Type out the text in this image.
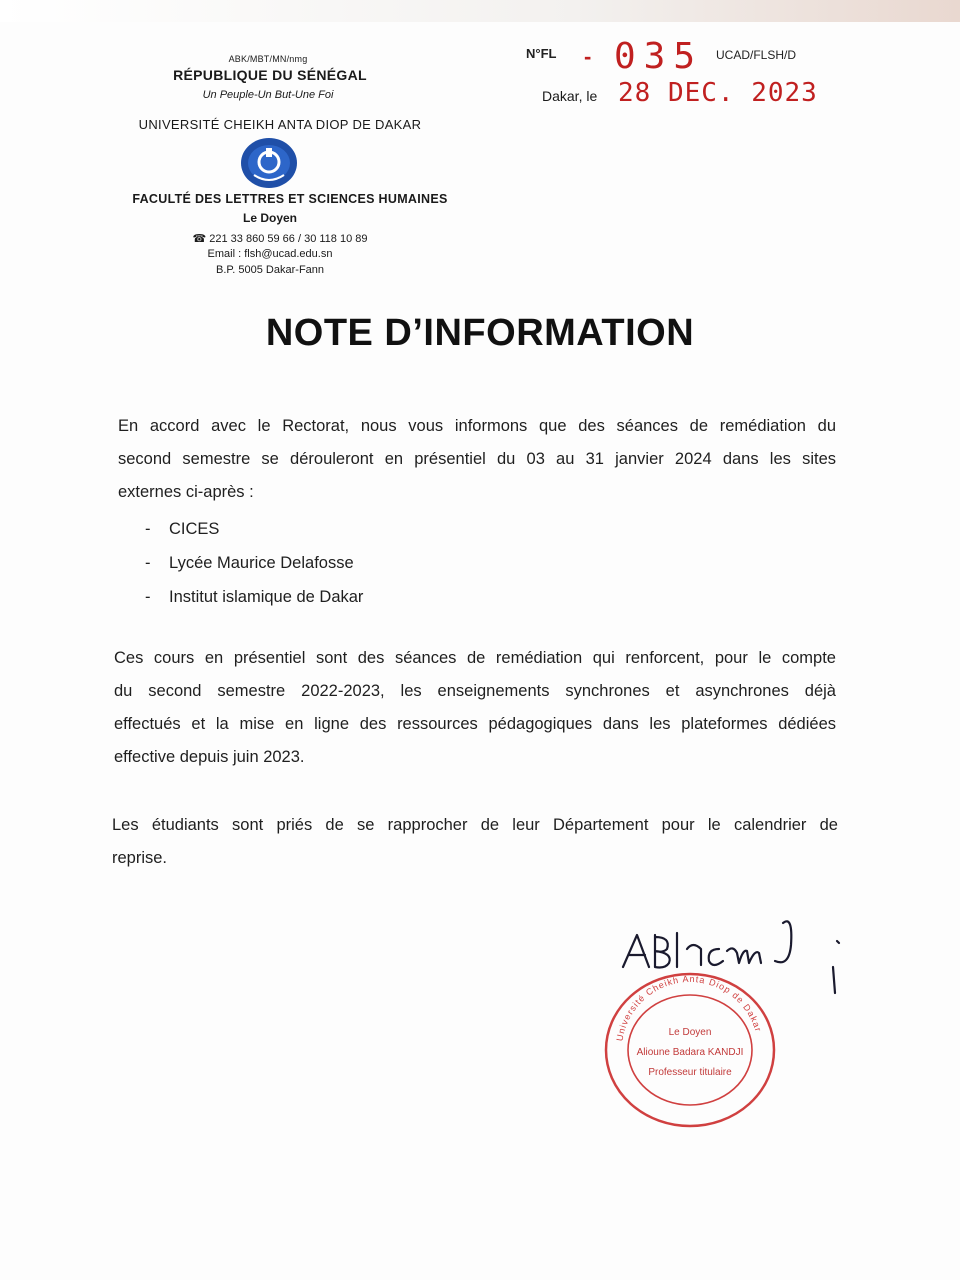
ABK/MBT/MN/nmg
RÉPUBLIQUE DU SÉNÉGAL
Un Peuple-Un But-Une Foi
UNIVERSITÉ CHEIKH ANTA DIOP DE DAKAR
FACULTÉ DES LETTRES ET SCIENCES HUMAINES
Le Doyen
☎ 221 33 860 59 66 / 30 118 10 89
Email : flsh@ucad.edu.sn
B.P. 5005 Dakar-Fann
N°FL - 035 UCAD/FLSH/D
Dakar, le 28 DEC. 2023
NOTE D’INFORMATION
En accord avec le Rectorat, nous vous informons que des séances de remédiation du
second semestre se dérouleront en présentiel du 03 au 31 janvier 2024 dans les sites
externes ci-après :
-	CICES
-	Lycée Maurice Delafosse
-	Institut islamique de Dakar
Ces cours en présentiel sont des séances de remédiation qui renforcent, pour le compte
du second semestre 2022-2023, les enseignements synchrones et asynchrones déjà
effectués et la mise en ligne des ressources pédagogiques dans les plateformes dédiées
effective depuis juin 2023.
Les étudiants sont priés de se rapprocher de leur Département pour le calendrier de
reprise.
Université Cheikh Anta Diop de Dakar
Le Doyen
Alioune Badara KANDJI
Professeur titulaire
